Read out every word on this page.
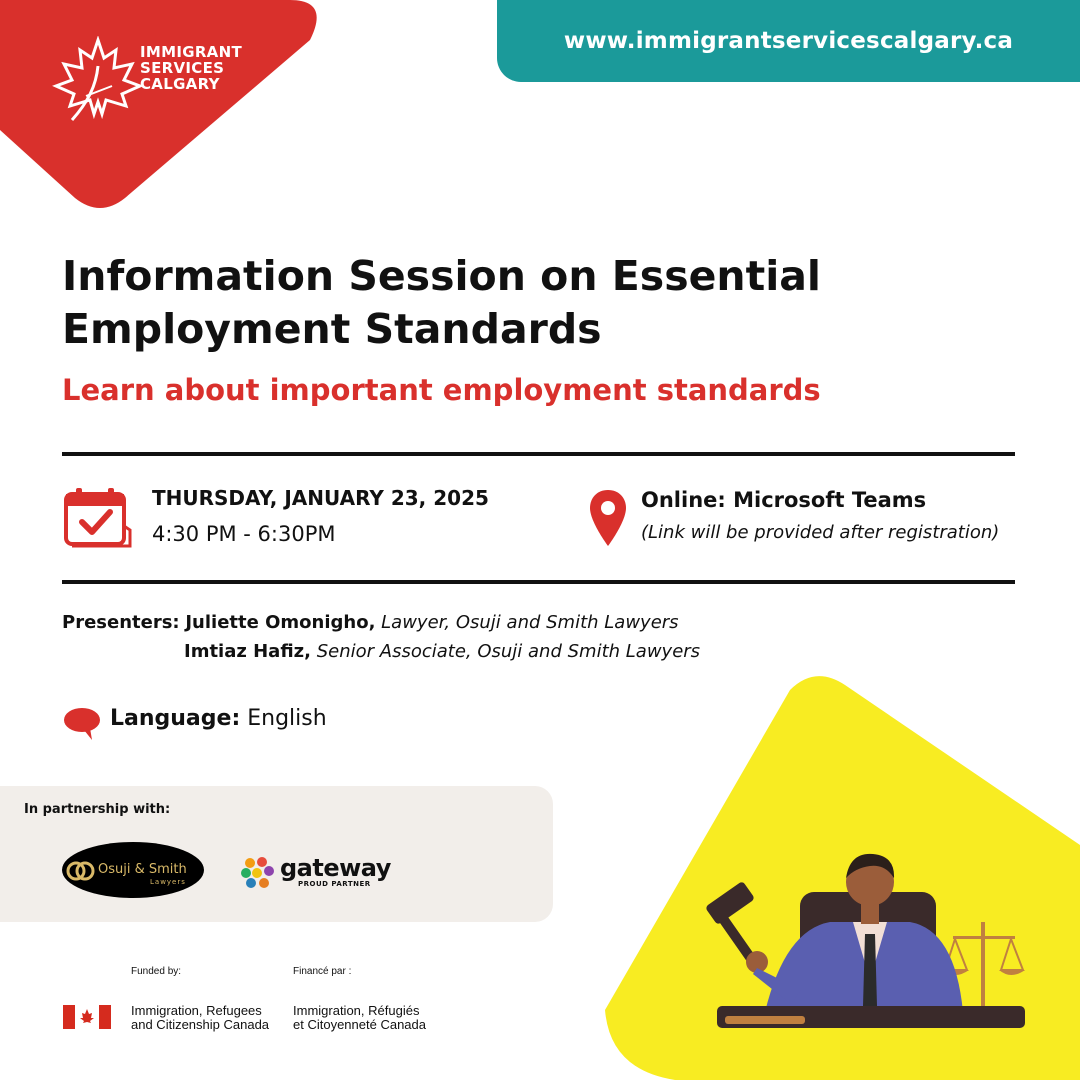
IMMIGRANT
SERVICES
CALGARY
www.immigrantservicescalgary.ca
Information Session on Essential
Employment Standards
Learn about important employment standards
THURSDAY, JANUARY 23, 2025
4:30 PM - 6:30PM
Online: Microsoft Teams
(Link will be provided after registration)
Presenters: Juliette Omonigho, Lawyer, Osuji and Smith Lawyers
Imtiaz Hafiz, Senior Associate, Osuji and Smith Lawyers
Language: English
In partnership with:
Osuji & Smith
Lawyers	gateway
PROUD PARTNER
Funded by:	Financé par :
Immigration, Refugees
and Citizenship Canada
Immigration, Réfugiés
et Citoyenneté Canada
